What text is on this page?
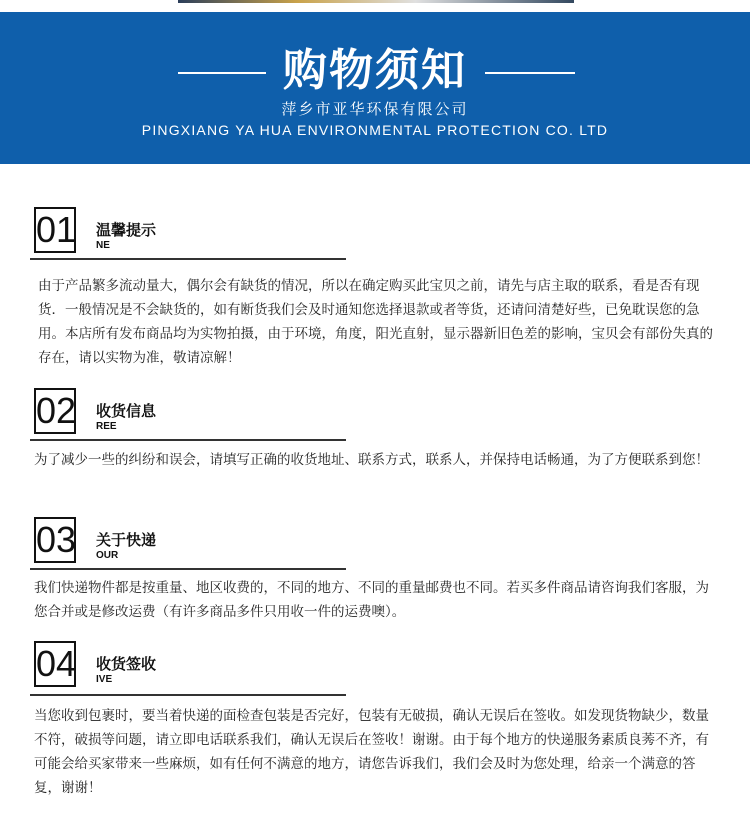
购物须知
萍乡市亚华环保有限公司
PINGXIANG YA HUA ENVIRONMENTAL PROTECTION CO. LTD
01 温馨提示
NE

由于产品繁多流动量大，偶尔会有缺货的情况，所以在确定购买此宝贝之前，请先与店主取的联系，看是否有现货．一般情况是不会缺货的，如有断货我们会及时通知您选择退款或者等货，还请问清楚好些，已免耽误您的急用。本店所有发布商品均为实物拍摄，由于环境，角度，阳光直射，显示器新旧色差的影响，宝贝会有部份失真的存在，请以实物为准，敬请凉解！

02 收货信息
REE

为了减少一些的纠纷和误会，请填写正确的收货地址、联系方式，联系人，并保持电话畅通，为了方便联系到您！

03 关于快递
OUR

我们快递物件都是按重量、地区收费的，不同的地方、不同的重量邮费也不同。若买多件商品请咨询我们客服，为您合并或是修改运费（有许多商品多件只用收一件的运费噢）。

04 收货签收
IVE

当您收到包裹时，要当着快递的面检查包装是否完好，包装有无破损，确认无误后在签收。如发现货物缺少，数量不符，破损等问题，请立即电话联系我们，确认无误后在签收！谢谢。由于每个地方的快递服务素质良莠不齐，有可能会给买家带来一些麻烦，如有任何不满意的地方，请您告诉我们，我们会及时为您处理，给亲一个满意的答复，谢谢！
